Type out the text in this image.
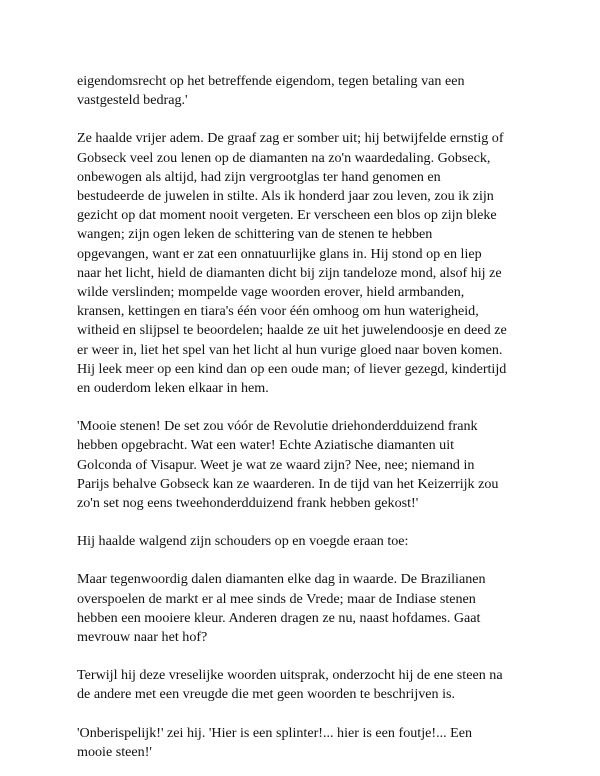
eigendomsrecht op het betreffende eigendom, tegen betaling van een
vastgesteld bedrag.'

Ze haalde vrijer adem. De graaf zag er somber uit; hij betwijfelde ernstig of
Gobseck veel zou lenen op de diamanten na zo'n waardedaling. Gobseck,
onbewogen als altijd, had zijn vergrootglas ter hand genomen en
bestudeerde de juwelen in stilte. Als ik honderd jaar zou leven, zou ik zijn
gezicht op dat moment nooit vergeten. Er verscheen een blos op zijn bleke
wangen; zijn ogen leken de schittering van de stenen te hebben
opgevangen, want er zat een onnatuurlijke glans in. Hij stond op en liep
naar het licht, hield de diamanten dicht bij zijn tandeloze mond, alsof hij ze
wilde verslinden; mompelde vage woorden erover, hield armbanden,
kransen, kettingen en tiara's één voor één omhoog om hun waterigheid,
witheid en slijpsel te beoordelen; haalde ze uit het juwelendoosje en deed ze
er weer in, liet het spel van het licht al hun vurige gloed naar boven komen.
Hij leek meer op een kind dan op een oude man; of liever gezegd, kindertijd
en ouderdom leken elkaar in hem.

'Mooie stenen! De set zou vóór de Revolutie driehonderdduizend frank
hebben opgebracht. Wat een water! Echte Aziatische diamanten uit
Golconda of Visapur. Weet je wat ze waard zijn? Nee, nee; niemand in
Parijs behalve Gobseck kan ze waarderen. In de tijd van het Keizerrijk zou
zo'n set nog eens tweehonderdduizend frank hebben gekost!'

Hij haalde walgend zijn schouders op en voegde eraan toe:

Maar tegenwoordig dalen diamanten elke dag in waarde. De Brazilianen
overspoelen de markt er al mee sinds de Vrede; maar de Indiase stenen
hebben een mooiere kleur. Anderen dragen ze nu, naast hofdames. Gaat
mevrouw naar het hof?

Terwijl hij deze vreselijke woorden uitsprak, onderzocht hij de ene steen na
de andere met een vreugde die met geen woorden te beschrijven is.

'Onberispelijk!' zei hij. 'Hier is een splinter!... hier is een foutje!... Een
mooie steen!'
